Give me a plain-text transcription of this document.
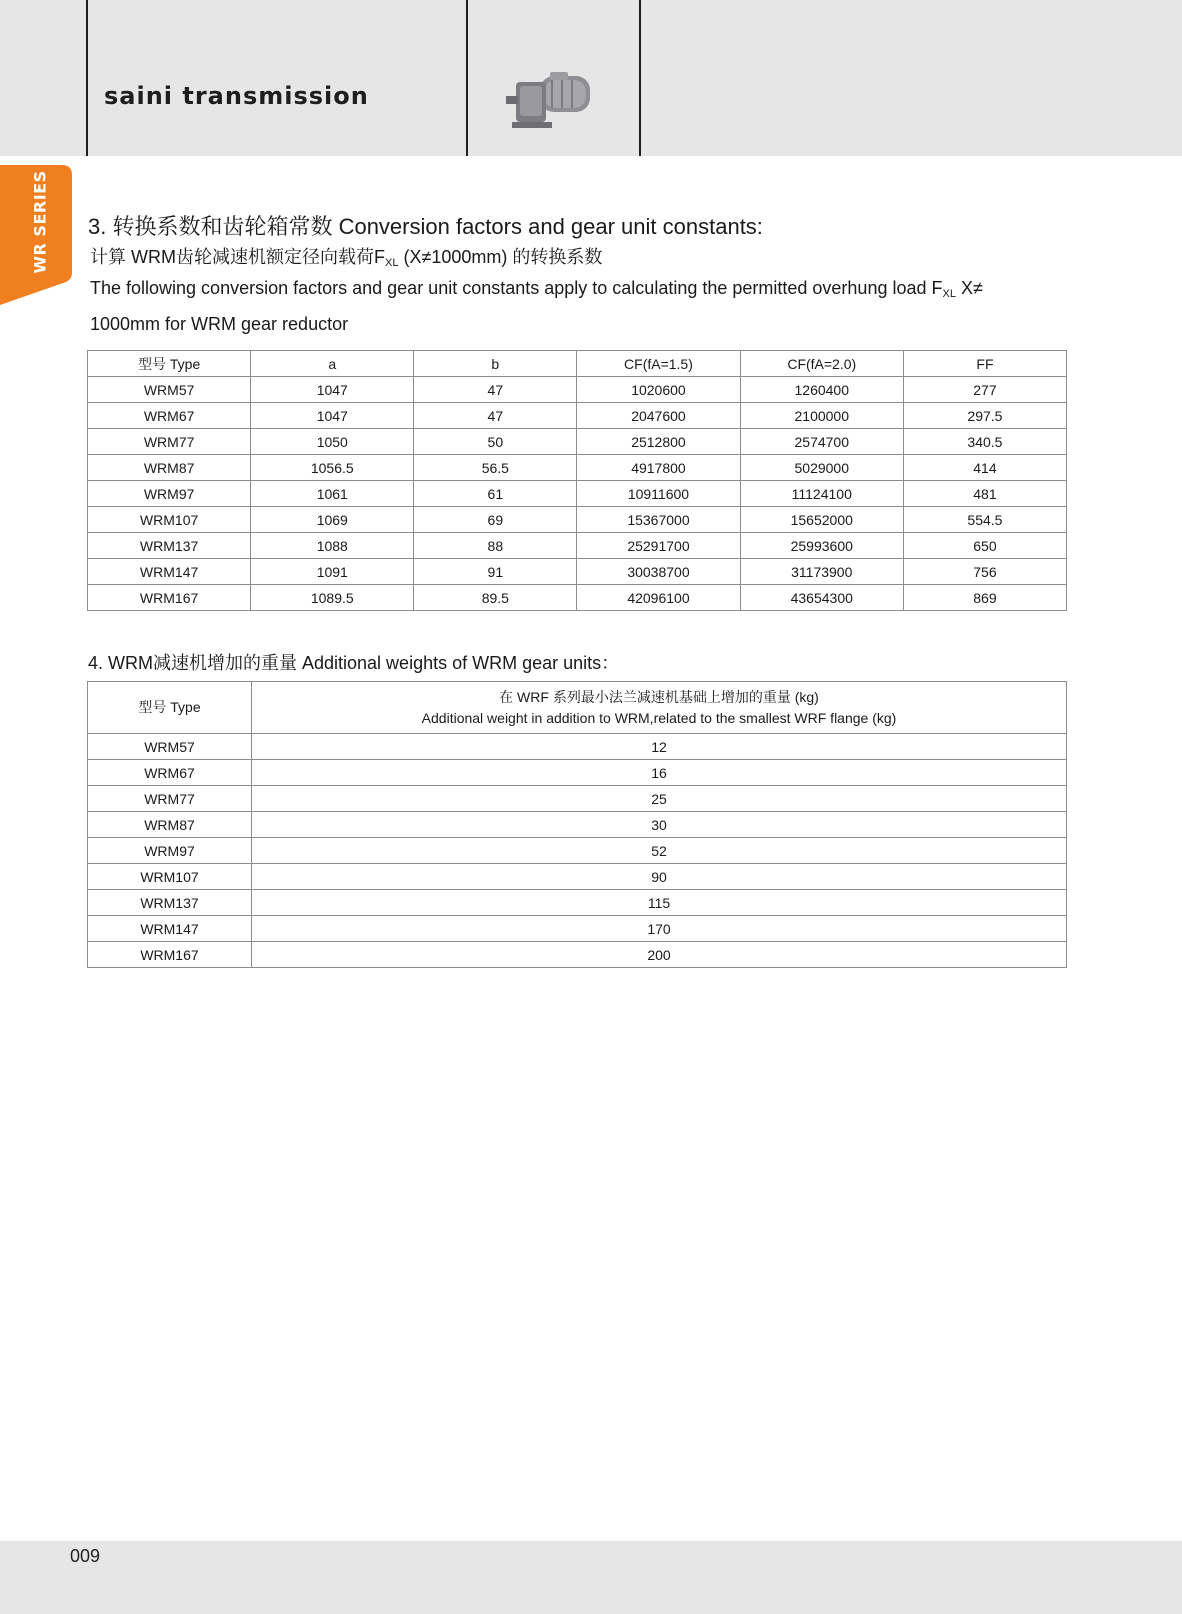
saini transmission
WR SERIES 3. 转换系数和齿轮箱常数 Conversion factors and gear unit constants:
计算 WRM齿轮减速机额定径向载荷$F_{XL}$ (X≠1000mm) 的转换系数
The following conversion factors and gear unit constants apply to calculating the permitted overhung load $F_{XL}$ X≠ 1000mm for WRM gear reductor
型号 Type	a	b	CF(fA=1.5)	CF(fA=2.0)	FF
WRM57	1047	47	1020600	1260400	277
WRM67	1047	47	2047600	2100000	297.5
WRM77	1050	50	2512800	2574700	340.5
WRM87	1056.5	56.5	4917800	5029000	414
WRM97	1061	61	10911600	11124100	481
WRM107	1069	69	15367000	15652000	554.5
WRM137	1088	88	25291700	25993600	650
WRM147	1091	91	30038700	31173900	756
WRM167	1089.5	89.5	42096100	43654300	869
4. WRM减速机增加的重量 Additional weights of WRM gear units：
型号 Type	在 WRF 系列最小法兰减速机基础上增加的重量 (kg)
Additional weight in addition to WRM,related to the smallest WRF flange (kg)

WRM57	12
WRM67	16
WRM77	25
WRM87	30
WRM97	52
WRM107	90
WRM137	115
WRM147	170
WRM167	200
009
